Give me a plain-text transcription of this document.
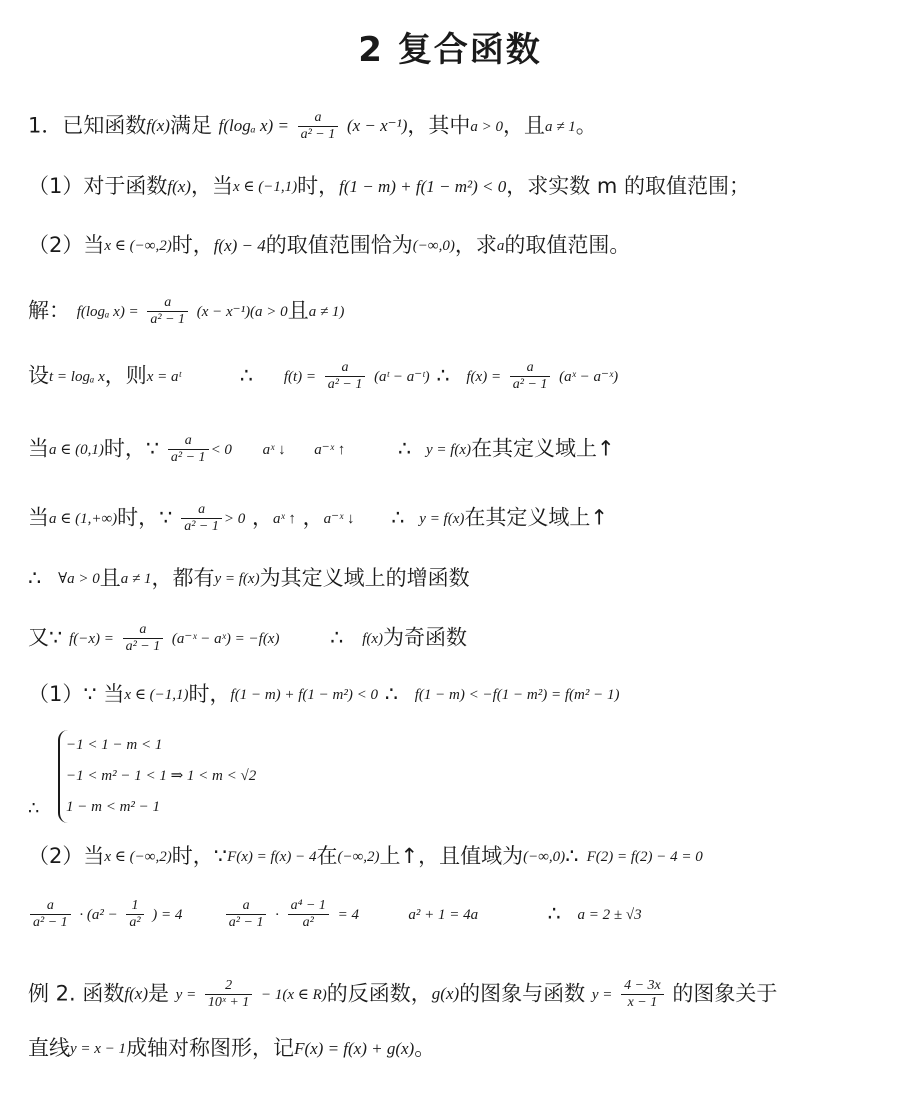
2 复合函数
1．已知函数f(x)满足 f(logₐ $x) = \frac{a}{\text{a² − 1}} (x - x^{-1})$，其中a > 0，且a ≠ 1。
（1）对于函数f(x)，当x ∈ (−1,1)时，f(1 − m) + f(1 − m²) < 0，求实数 m 的取值范围；
（2）当x ∈ (−∞,2)时，f(x) − 4的取值范围恰为(−∞,0)，求a的取值范围。
解： f(logₐ $x) = \frac{a}{\text{a² − 1}} (x - x^{-1})(a > 0$且a ≠ 1)
设t = logₐ x，则x = aᵗ	∴ $f(t) = \frac{a}{\text{a² − 1}}$ (aᵗ − a⁻ᵗ) ∴ $f(x) = \frac{a}{\text{a² − 1}}$ (aˣ − a⁻ˣ)
当a ∈ (0,1)时，∵ $\frac{a}{\text{a² − 1}} < 0$ aˣ ↓ a⁻ˣ ↑	∴ y = f(x)在其定义域上↑
当a ∈ (1,+∞)时，∵ $\frac{a}{\text{a² − 1}} > 0$ ，aˣ ↑ ，a⁻ˣ ↓ ∴ y = f(x)在其定义域上↑
∴ ∀a > 0且a ≠ 1，都有y = f(x)为其定义域上的增函数
又∵ $f(-x) = \frac{a}{\text{a² − 1}}$ (a⁻ˣ − aˣ) = −f(x) ∴ f(x)为奇函数
（1）∵ 当x ∈ (−1,1)时，f(1 − m) + f(1 − m²) < 0 ∴ f(1 − m) < −f(1 − m²) = f(m² − 1)
−1 < 1 − m < 1
−1 < m² − 1 < 1 ⇒ 1 < m < √2
1 − m < m² − 1
∴
（2）当x ∈ (−∞,2)时，∵F(x) = f(x) − 4在(−∞,2)上↑，且值域为(−∞,0)∴ F(2) = f(2) − 4 = 0
$\frac{a}{\text{a² − 1}} \cdot (a^2 - \frac{1}{\text{a²}}$ ) = 4	$\frac{a}{\text{a² − 1}} \cdot \frac{\text{a⁴ − 1}}{\text{a²}} = 4$	a² + 1 = 4a	∴ a = 2 ± √3
例 2. 函数f(x)是 $y = \frac{2}{\text{10ˣ + 1}} - 1(x$ ∈ R)的反函数，g(x)的图象与函数 $y = \frac{4 - 3x}{x - 1}$ 的图象关于
直线y = x − 1成轴对称图形，记F(x) = f(x) + g(x)。
